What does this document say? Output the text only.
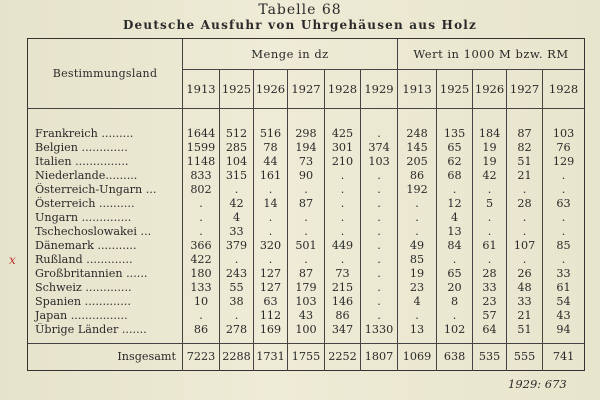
Tabelle 68
Deutsche Ausfuhr von Uhrgehäusen aus Holz
Bestimmungsland	Menge in dz						Wert in 1000 M bzw. RM				
	1913	1925	1926	1927	1928	1929	1913	1925	1926	1927	1928

Frankreich .........	1644	512	516	298	425	.	248	135	184	87	103
Belgien .............	1599	285	78	194	301	374	145	65	19	82	76
Italien ...............	1148	104	44	73	210	103	205	62	19	51	129
Niederlande.........	833	315	161	90	.	.	86	68	42	21	.
Österreich-Ungarn ...	802	.	.	.	.	.	192	.	.	.	.
Österreich ..........	.	42	14	87	.	.	.	12	5	28	63
Ungarn ..............	.	4	.	.	.	.	.	4	.	.	.
Tschechoslowakei ...	.	33	.	.	.	.	.	13	.	.	.
Dänemark ...........	366	379	320	501	449	.	49	84	61	107	85
Rußland .............	422	.	.	.	.	.	85	.	.	.	.
Großbritannien ......	180	243	127	87	73	.	19	65	28	26	33
Schweiz .............	133	55	127	179	215	.	23	20	33	48	61
Spanien .............	10	38	63	103	146	.	4	8	23	33	54
Japan ................	.	.	112	43	86	.	.	.	57	21	43
Übrige Länder .......	86	278	169	100	347	1330	13	102	64	51	94

Insgesamt	7223	2288	1731	1755	2252	1807	1069	638	535	555	741
1929: 673
x
